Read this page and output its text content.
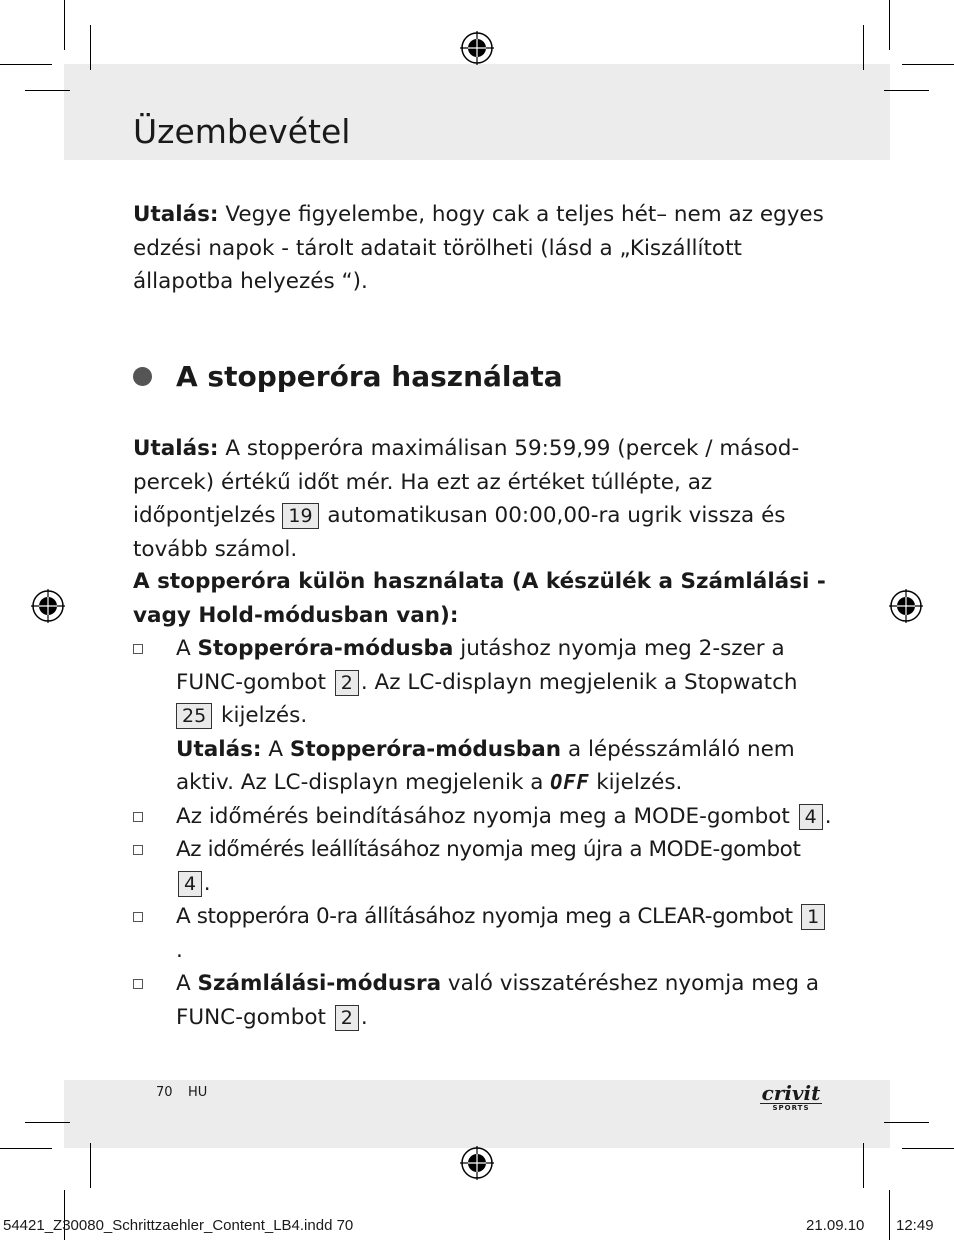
Üzembevétel

Utalás: Vegye figyelembe, hogy cak a teljes hét– nem az egyes edzési napok - tárolt adatait törölheti (lásd a „Kiszállított állapotba helyezés “).

A stopperóra használata

Utalás: A stopperóra maximálisan 59:59,99 (percek / másodpercek) értékű időt mér. Ha ezt az értéket túllépte, az időpontjelzés 19 automatikusan 00:00,00-ra ugrik vissza és tovább számol.

A stopperóra külön használata (A készülék a Számlálási - vagy Hold-módusban van):

A Stopperóra-módusba jutáshoz nyomja meg 2-szer a FUNC-gombot 2 . Az LC-displayn megjelenik a Stopwatch 25 kijelzés.
Utalás: A Stopperóra-módusban a lépésszámláló nem aktiv. Az LC-displayn megjelenik a OFF kijelzés.
Az időmérés beindításához nyomja meg a MODE-gombot 4 .
Az időmérés leállításához nyomja meg újra a MODE-gombot 4 .
A stopperóra 0-ra állításához nyomja meg a CLEAR-gombot 1.
A Számlálási-módusra való visszatéréshez nyomja meg a FUNC-gombot 2 .
70 HU	crivit
SPORTS
54421_Z30080_Schrittzaehler_Content_LB4.indd 70	21.09.10 12:49
